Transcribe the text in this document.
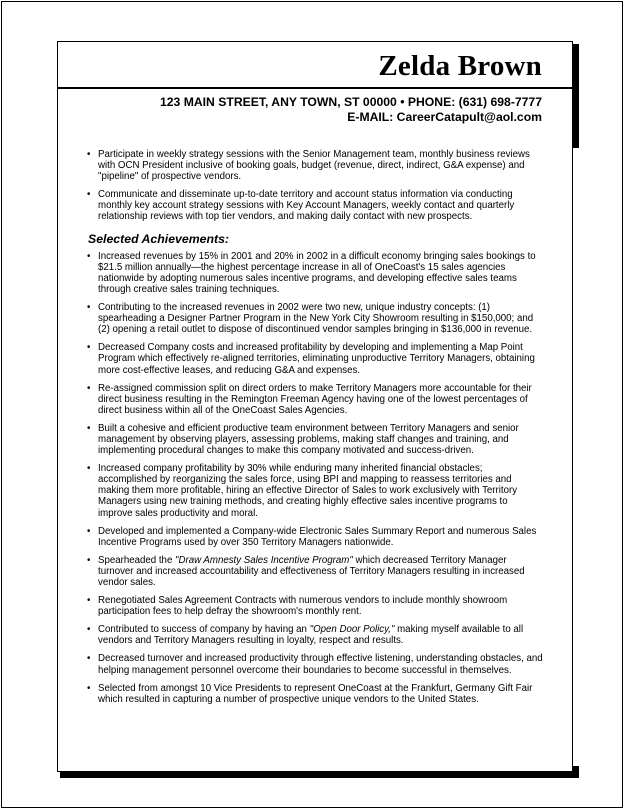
Zelda Brown
123 MAIN STREET, ANY TOWN, ST 00000 • PHONE: (631) 698-7777
E-MAIL: CareerCatapult@aol.com
• Participate in weekly strategy sessions with the Senior Management team, monthly business reviews with OCN President inclusive of booking goals, budget (revenue, direct, indirect, G&A expense) and "pipeline" of prospective vendors.
• Communicate and disseminate up-to-date territory and account status information via conducting monthly key account strategy sessions with Key Account Managers, weekly contact and quarterly relationship reviews with top tier vendors, and making daily contact with new prospects.
Selected Achievements:
• Increased revenues by 15% in 2001 and 20% in 2002 in a difficult economy bringing sales bookings to $21.5 million annually—the highest percentage increase in all of OneCoast's 15 sales agencies nationwide by adopting numerous sales incentive programs, and developing effective sales teams through creative sales training techniques.
• Contributing to the increased revenues in 2002 were two new, unique industry concepts: (1) spearheading a Designer Partner Program in the New York City Showroom resulting in $150,000; and (2) opening a retail outlet to dispose of discontinued vendor samples bringing in $136,000 in revenue.
• Decreased Company costs and increased profitability by developing and implementing a Map Point Program which effectively re-aligned territories, eliminating unproductive Territory Managers, obtaining more cost-effective leases, and reducing G&A and expenses.
• Re-assigned commission split on direct orders to make Territory Managers more accountable for their direct business resulting in the Remington Freeman Agency having one of the lowest percentages of direct business within all of the OneCoast Sales Agencies.
• Built a cohesive and efficient productive team environment between Territory Managers and senior management by observing players, assessing problems, making staff changes and training, and implementing procedural changes to make this company motivated and success-driven.
• Increased company profitability by 30% while enduring many inherited financial obstacles; accomplished by reorganizing the sales force, using BPI and mapping to reassess territories and making them more profitable, hiring an effective Director of Sales to work exclusively with Territory Managers using new training methods, and creating highly effective sales incentive programs to improve sales productivity and moral.
• Developed and implemented a Company-wide Electronic Sales Summary Report and numerous Sales Incentive Programs used by over 350 Territory Managers nationwide.
• Spearheaded the "Draw Amnesty Sales Incentive Program" which decreased Territory Manager turnover and increased accountability and effectiveness of Territory Managers resulting in increased vendor sales.
• Renegotiated Sales Agreement Contracts with numerous vendors to include monthly showroom participation fees to help defray the showroom's monthly rent.
• Contributed to success of company by having an "Open Door Policy," making myself available to all vendors and Territory Managers resulting in loyalty, respect and results.
• Decreased turnover and increased productivity through effective listening, understanding obstacles, and helping management personnel overcome their boundaries to become successful in themselves.
• Selected from amongst 10 Vice Presidents to represent OneCoast at the Frankfurt, Germany Gift Fair which resulted in capturing a number of prospective unique vendors to the United States.
